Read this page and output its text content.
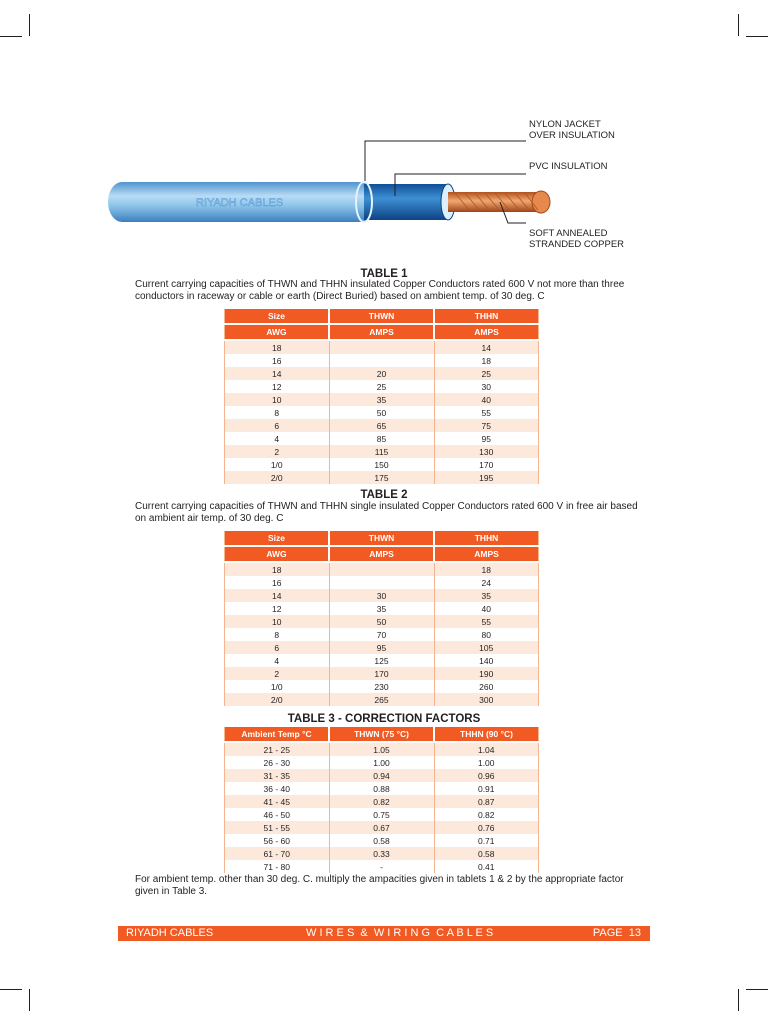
RIYADH CABLES
NYLON JACKET
OVER INSULATION
PVC INSULATION
SOFT ANNEALED
STRANDED COPPER
TABLE 1
Current carrying capacities of THWN and THHN insulated Copper Conductors rated 600 V not more than three conductors in raceway or cable or earth (Direct Buried) based on ambient temp. of 30 deg. C
Size	THWN	THHN
AWG	AMPS	AMPS
18		14
16		18
14	20	25
12	25	30
10	35	40
8	50	55
6	65	75
4	85	95
2	115	130
1/0	150	170
2/0	175	195
TABLE 2
Current carrying capacities of THWN and THHN single insulated Copper Conductors rated 600 V in free air based on ambient air temp. of 30 deg. C
Size	THWN	THHN
AWG	AMPS	AMPS
18		18
16		24
14	30	35
12	35	40
10	50	55
8	70	80
6	95	105
4	125	140
2	170	190
1/0	230	260
2/0	265	300
TABLE 3 - CORRECTION FACTORS
Ambient Temp °C	THWN (75 °C)	THHN (90 °C)
21 - 25	1.05	1.04
26 - 30	1.00	1.00
31 - 35	0.94	0.96
36 - 40	0.88	0.91
41 - 45	0.82	0.87
46 - 50	0.75	0.82
51 - 55	0.67	0.76
56 - 60	0.58	0.71
61 - 70	0.33	0.58
71 - 80	-	0.41
For ambient temp. other than 30 deg. C. multiply the ampacities given in tablets 1 & 2 by the appropriate factor given in Table 3.
RIYADH CABLES	W I R E S  &  W I R I N G  C A B L E S	PAGE  13
